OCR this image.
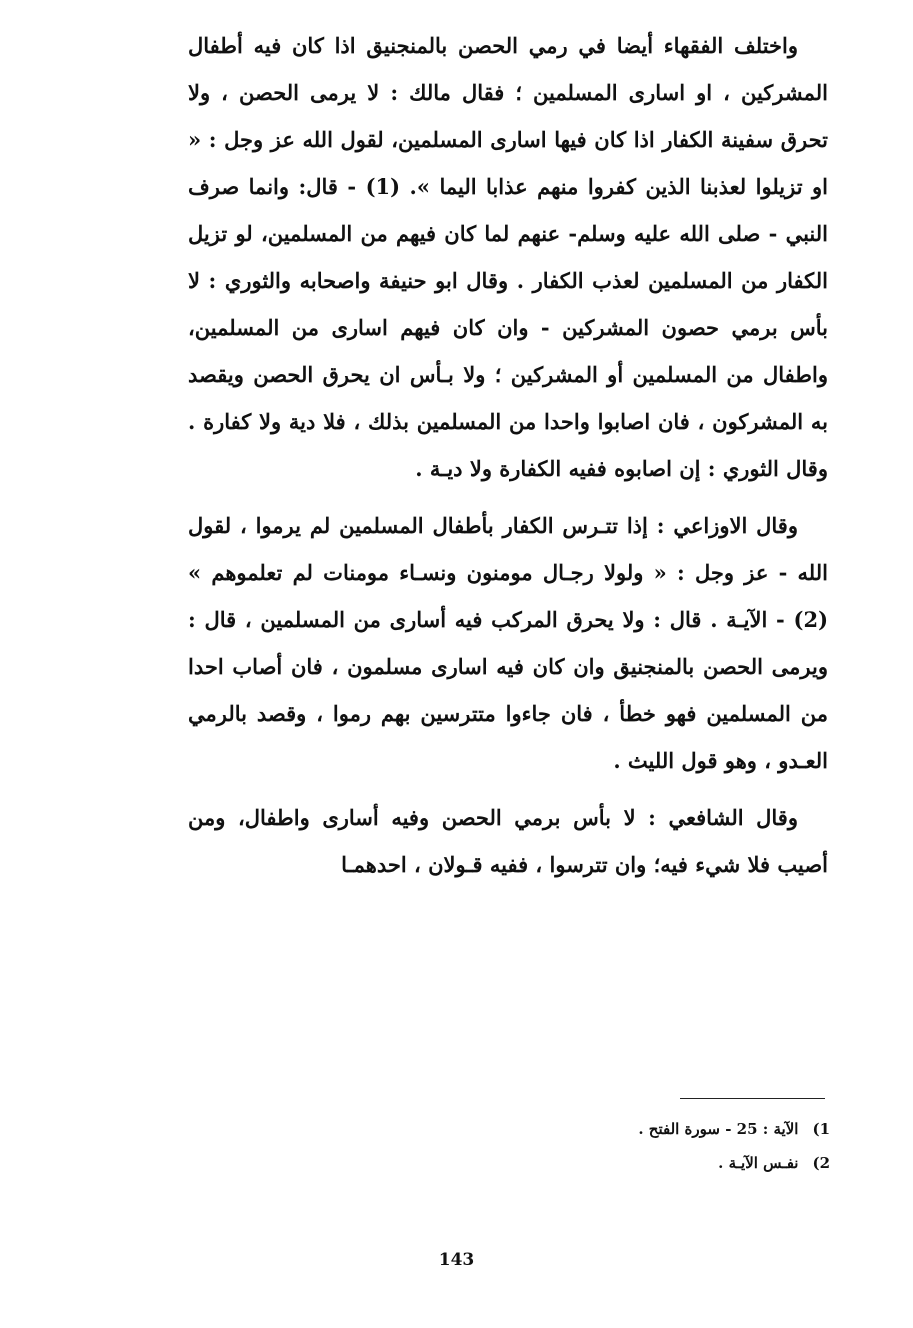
واختلف الفقهاء أيضا في رمي الحصن بالمنجنيق اذا كان فيه أطفال المشركين ، او اسارى المسلمين ؛ فقال مالك : لا يرمى الحصن ، ولا تحرق سفينة الكفار اذا كان فيها اسارى المسلمين، لقول الله عز وجل : « او تزيلوا لعذبنا الذين كفروا منهم عذابا اليما ». (1) - قال: وانما صرف النبي - صلى الله عليه وسلم- عنهم لما كان فيهم من المسلمين، لو تزيل الكفار من المسلمين لعذب الكفار . وقال ابو حنيفة واصحابه والثوري : لا بأس برمي حصون المشركين - وان كان فيهم اسارى من المسلمين، واطفال من المسلمين أو المشركين ؛ ولا بـأس ان يحرق الحصن ويقصد به المشركون ، فان اصابوا واحدا من المسلمين بذلك ، فلا دية ولا كفارة . وقال الثوري : إن اصابوه ففيه الكفارة ولا ديـة .

وقال الاوزاعي : إذا تتـرس الكفار بأطفال المسلمين لم يرموا ، لقول الله - عز وجل : « ولولا رجـال مومنون ونسـاء مومنات لم تعلموهم » (2) - الآيـة . قال : ولا يحرق المركب فيه أسارى من المسلمين ، قال : ويرمى الحصن بالمنجنيق وان كان فيه اسارى مسلمون ، فان أصاب احدا من المسلمين فهو خطأ ، فان جاءوا متترسين بهم رموا ، وقصد بالرمي العـدو ، وهو قول الليث .

وقال الشافعي : لا بأس برمي الحصن وفيه أسارى واطفال، ومن أصيب فلا شيء فيه؛ وان تترسوا ، ففيه قـولان ، احدهمـا

1)الآية : 25 - سورة الفتح .

2)نفـس الآيـة .

143
